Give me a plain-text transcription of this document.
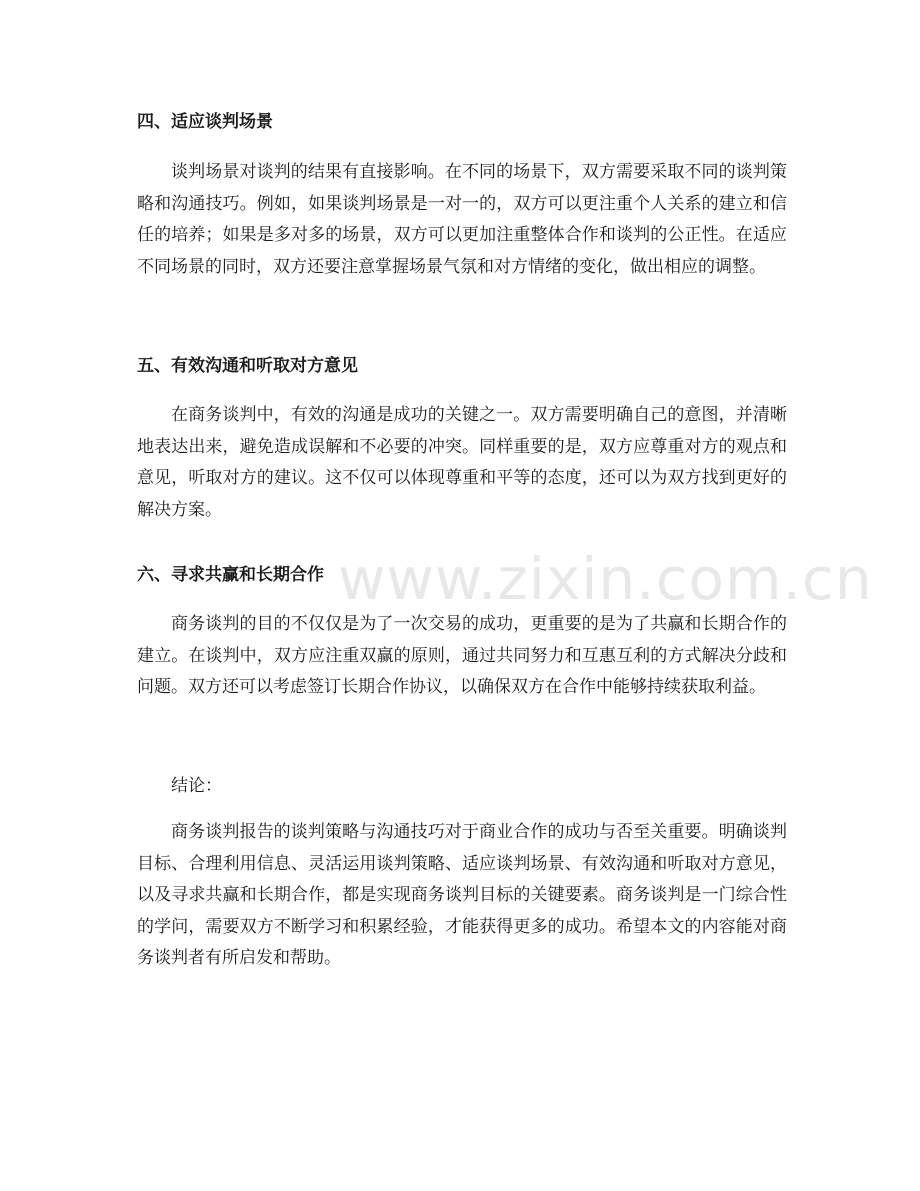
四、适应谈判场景

谈判场景对谈判的结果有直接影响。在不同的场景下，双方需要采取不同的谈判策略和沟通技巧。例如，如果谈判场景是一对一的，双方可以更注重个人关系的建立和信任的培养；如果是多对多的场景，双方可以更加注重整体合作和谈判的公正性。在适应不同场景的同时，双方还要注意掌握场景气氛和对方情绪的变化，做出相应的调整。

五、有效沟通和听取对方意见

在商务谈判中，有效的沟通是成功的关键之一。双方需要明确自己的意图，并清晰地表达出来，避免造成误解和不必要的冲突。同样重要的是，双方应尊重对方的观点和意见，听取对方的建议。这不仅可以体现尊重和平等的态度，还可以为双方找到更好的解决方案。

六、寻求共赢和长期合作

商务谈判的目的不仅仅是为了一次交易的成功，更重要的是为了共赢和长期合作的建立。在谈判中，双方应注重双赢的原则，通过共同努力和互惠互利的方式解决分歧和问题。双方还可以考虑签订长期合作协议，以确保双方在合作中能够持续获取利益。

结论：

商务谈判报告的谈判策略与沟通技巧对于商业合作的成功与否至关重要。明确谈判目标、合理利用信息、灵活运用谈判策略、适应谈判场景、有效沟通和听取对方意见，以及寻求共赢和长期合作，都是实现商务谈判目标的关键要素。商务谈判是一门综合性的学问，需要双方不断学习和积累经验，才能获得更多的成功。希望本文的内容能对商务谈判者有所启发和帮助。

www.zixin.com.cn
